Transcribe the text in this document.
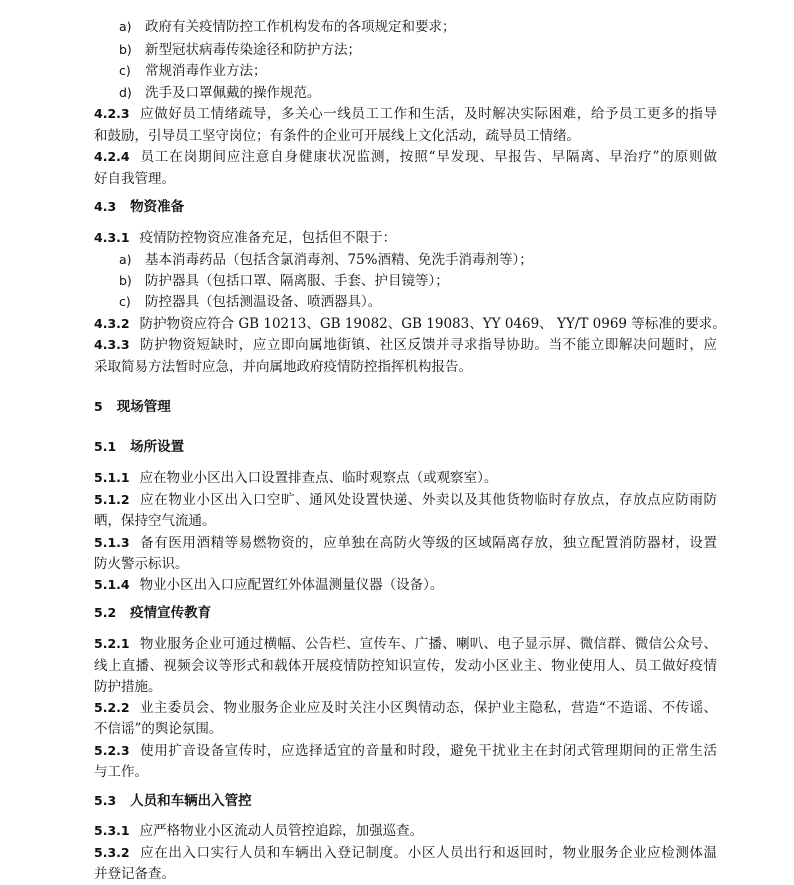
a) 政府有关疫情防控工作机构发布的各项规定和要求；
b) 新型冠状病毒传染途径和防护方法；
c) 常规消毒作业方法；
d) 洗手及口罩佩戴的操作规范。
4.2.3 应做好员工情绪疏导，多关心一线员工工作和生活，及时解决实际困难，给予员工更多的指导
和鼓励，引导员工坚守岗位；有条件的企业可开展线上文化活动，疏导员工情绪。
4.2.4 员工在岗期间应注意自身健康状况监测，按照“早发现、早报告、早隔离、早治疗”的原则做
好自我管理。
4.3 物资准备
4.3.1 疫情防控物资应准备充足，包括但不限于：
a) 基本消毒药品（包括含氯消毒剂、75%酒精、免洗手消毒剂等）；
b) 防护器具（包括口罩、隔离服、手套、护目镜等）；
c) 防控器具（包括测温设备、喷洒器具）。
4.3.2 防护物资应符合 GB 10213、GB 19082、GB 19083、YY 0469、 YY/T 0969 等标准的要求。
4.3.3 防护物资短缺时，应立即向属地街镇、社区反馈并寻求指导协助。当不能立即解决问题时，应
采取简易方法暂时应急，并向属地政府疫情防控指挥机构报告。
5 现场管理
5.1 场所设置
5.1.1 应在物业小区出入口设置排查点、临时观察点（或观察室）。
5.1.2 应在物业小区出入口空旷、通风处设置快递、外卖以及其他货物临时存放点，存放点应防雨防
晒，保持空气流通。
5.1.3 备有医用酒精等易燃物资的，应单独在高防火等级的区域隔离存放，独立配置消防器材，设置
防火警示标识。
5.1.4 物业小区出入口应配置红外体温测量仪器（设备）。
5.2 疫情宣传教育
5.2.1 物业服务企业可通过横幅、公告栏、宣传车、广播、喇叭、电子显示屏、微信群、微信公众号、
线上直播、视频会议等形式和载体开展疫情防控知识宣传，发动小区业主、物业使用人、员工做好疫情
防护措施。
5.2.2 业主委员会、物业服务企业应及时关注小区舆情动态，保护业主隐私，营造“不造谣、不传谣、
不信谣”的舆论氛围。
5.2.3 使用扩音设备宣传时，应选择适宜的音量和时段，避免干扰业主在封闭式管理期间的正常生活
与工作。
5.3 人员和车辆出入管控
5.3.1 应严格物业小区流动人员管控追踪，加强巡查。
5.3.2 应在出入口实行人员和车辆出入登记制度。小区人员出行和返回时，物业服务企业应检测体温
并登记备查。
